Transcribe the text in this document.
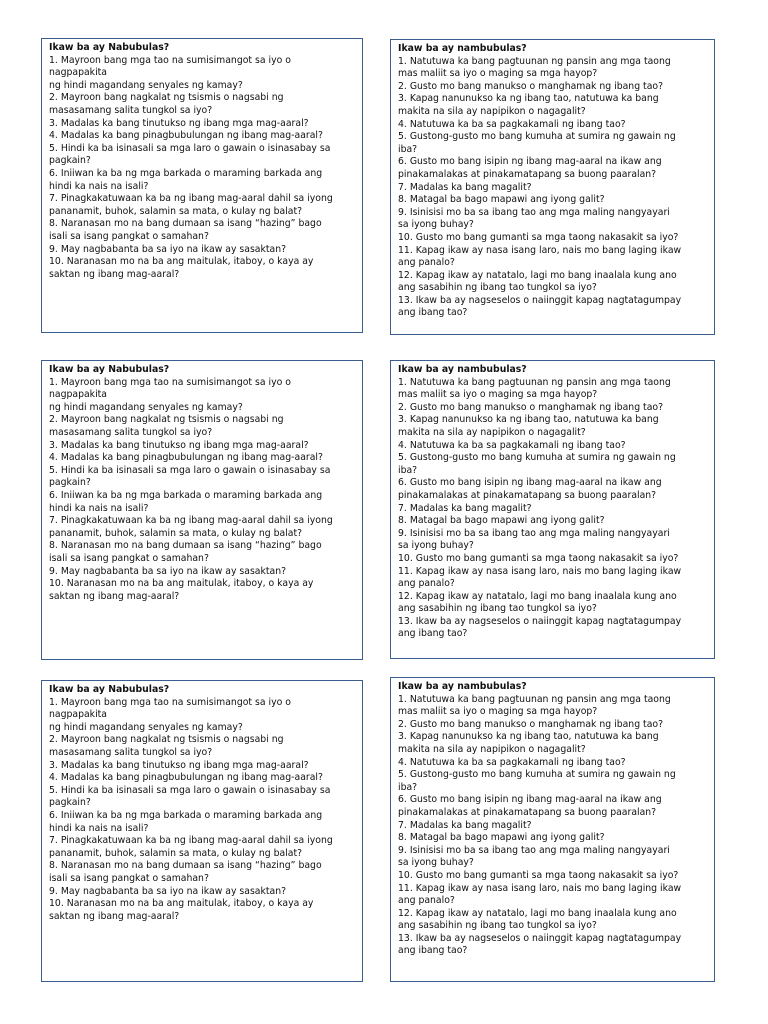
Ikaw ba ay Nabubulas?

1. Mayroon bang mga tao na sumisimangot sa iyo o

nagpapakita

ng hindi magandang senyales ng kamay?

2. Mayroon bang nagkalat ng tsismis o nagsabi ng

masasamang salita tungkol sa iyo?

3. Madalas ka bang tinutukso ng ibang mga mag-aaral?

4. Madalas ka bang pinagbubulungan ng ibang mag-aaral?

5. Hindi ka ba isinasali sa mga laro o gawain o isinasabay sa

pagkain?

6. Iniiwan ka ba ng mga barkada o maraming barkada ang

hindi ka nais na isali?

7. Pinagkakatuwaan ka ba ng ibang mag-aaral dahil sa iyong

pananamit, buhok, salamin sa mata, o kulay ng balat?

8. Naranasan mo na bang dumaan sa isang “hazing” bago

isali sa isang pangkat o samahan?

9. May nagbabanta ba sa iyo na ikaw ay sasaktan?

10. Naranasan mo na ba ang maitulak, itaboy, o kaya ay

saktan ng ibang mag-aaral?

Ikaw ba ay nambubulas?

1. Natutuwa ka bang pagtuunan ng pansin ang mga taong

mas maliit sa iyo o maging sa mga hayop?

2. Gusto mo bang manukso o manghamak ng ibang tao?

3. Kapag nanunukso ka ng ibang tao, natutuwa ka bang

makita na sila ay napipikon o nagagalit?

4. Natutuwa ka ba sa pagkakamali ng ibang tao?

5. Gustong-gusto mo bang kumuha at sumira ng gawain ng

iba?

6. Gusto mo bang isipin ng ibang mag-aaral na ikaw ang

pinakamalakas at pinakamatapang sa buong paaralan?

7. Madalas ka bang magalit?

8. Matagal ba bago mapawi ang iyong galit?

9. Isinisisi mo ba sa ibang tao ang mga maling nangyayari

sa iyong buhay?

10. Gusto mo bang gumanti sa mga taong nakasakit sa iyo?

11. Kapag ikaw ay nasa isang laro, nais mo bang laging ikaw

ang panalo?

12. Kapag ikaw ay natatalo, lagi mo bang inaalala kung ano

ang sasabihin ng ibang tao tungkol sa iyo?

13. Ikaw ba ay nagseselos o naiinggit kapag nagtatagumpay

ang ibang tao?

Ikaw ba ay Nabubulas?

1. Mayroon bang mga tao na sumisimangot sa iyo o

nagpapakita

ng hindi magandang senyales ng kamay?

2. Mayroon bang nagkalat ng tsismis o nagsabi ng

masasamang salita tungkol sa iyo?

3. Madalas ka bang tinutukso ng ibang mga mag-aaral?

4. Madalas ka bang pinagbubulungan ng ibang mag-aaral?

5. Hindi ka ba isinasali sa mga laro o gawain o isinasabay sa

pagkain?

6. Iniiwan ka ba ng mga barkada o maraming barkada ang

hindi ka nais na isali?

7. Pinagkakatuwaan ka ba ng ibang mag-aaral dahil sa iyong

pananamit, buhok, salamin sa mata, o kulay ng balat?

8. Naranasan mo na bang dumaan sa isang “hazing” bago

isali sa isang pangkat o samahan?

9. May nagbabanta ba sa iyo na ikaw ay sasaktan?

10. Naranasan mo na ba ang maitulak, itaboy, o kaya ay

saktan ng ibang mag-aaral?

Ikaw ba ay nambubulas?

1. Natutuwa ka bang pagtuunan ng pansin ang mga taong

mas maliit sa iyo o maging sa mga hayop?

2. Gusto mo bang manukso o manghamak ng ibang tao?

3. Kapag nanunukso ka ng ibang tao, natutuwa ka bang

makita na sila ay napipikon o nagagalit?

4. Natutuwa ka ba sa pagkakamali ng ibang tao?

5. Gustong-gusto mo bang kumuha at sumira ng gawain ng

iba?

6. Gusto mo bang isipin ng ibang mag-aaral na ikaw ang

pinakamalakas at pinakamatapang sa buong paaralan?

7. Madalas ka bang magalit?

8. Matagal ba bago mapawi ang iyong galit?

9. Isinisisi mo ba sa ibang tao ang mga maling nangyayari

sa iyong buhay?

10. Gusto mo bang gumanti sa mga taong nakasakit sa iyo?

11. Kapag ikaw ay nasa isang laro, nais mo bang laging ikaw

ang panalo?

12. Kapag ikaw ay natatalo, lagi mo bang inaalala kung ano

ang sasabihin ng ibang tao tungkol sa iyo?

13. Ikaw ba ay nagseselos o naiinggit kapag nagtatagumpay

ang ibang tao?

Ikaw ba ay Nabubulas?

1. Mayroon bang mga tao na sumisimangot sa iyo o

nagpapakita

ng hindi magandang senyales ng kamay?

2. Mayroon bang nagkalat ng tsismis o nagsabi ng

masasamang salita tungkol sa iyo?

3. Madalas ka bang tinutukso ng ibang mga mag-aaral?

4. Madalas ka bang pinagbubulungan ng ibang mag-aaral?

5. Hindi ka ba isinasali sa mga laro o gawain o isinasabay sa

pagkain?

6. Iniiwan ka ba ng mga barkada o maraming barkada ang

hindi ka nais na isali?

7. Pinagkakatuwaan ka ba ng ibang mag-aaral dahil sa iyong

pananamit, buhok, salamin sa mata, o kulay ng balat?

8. Naranasan mo na bang dumaan sa isang “hazing” bago

isali sa isang pangkat o samahan?

9. May nagbabanta ba sa iyo na ikaw ay sasaktan?

10. Naranasan mo na ba ang maitulak, itaboy, o kaya ay

saktan ng ibang mag-aaral?

Ikaw ba ay nambubulas?

1. Natutuwa ka bang pagtuunan ng pansin ang mga taong

mas maliit sa iyo o maging sa mga hayop?

2. Gusto mo bang manukso o manghamak ng ibang tao?

3. Kapag nanunukso ka ng ibang tao, natutuwa ka bang

makita na sila ay napipikon o nagagalit?

4. Natutuwa ka ba sa pagkakamali ng ibang tao?

5. Gustong-gusto mo bang kumuha at sumira ng gawain ng

iba?

6. Gusto mo bang isipin ng ibang mag-aaral na ikaw ang

pinakamalakas at pinakamatapang sa buong paaralan?

7. Madalas ka bang magalit?

8. Matagal ba bago mapawi ang iyong galit?

9. Isinisisi mo ba sa ibang tao ang mga maling nangyayari

sa iyong buhay?

10. Gusto mo bang gumanti sa mga taong nakasakit sa iyo?

11. Kapag ikaw ay nasa isang laro, nais mo bang laging ikaw

ang panalo?

12. Kapag ikaw ay natatalo, lagi mo bang inaalala kung ano

ang sasabihin ng ibang tao tungkol sa iyo?

13. Ikaw ba ay nagseselos o naiinggit kapag nagtatagumpay

ang ibang tao?
